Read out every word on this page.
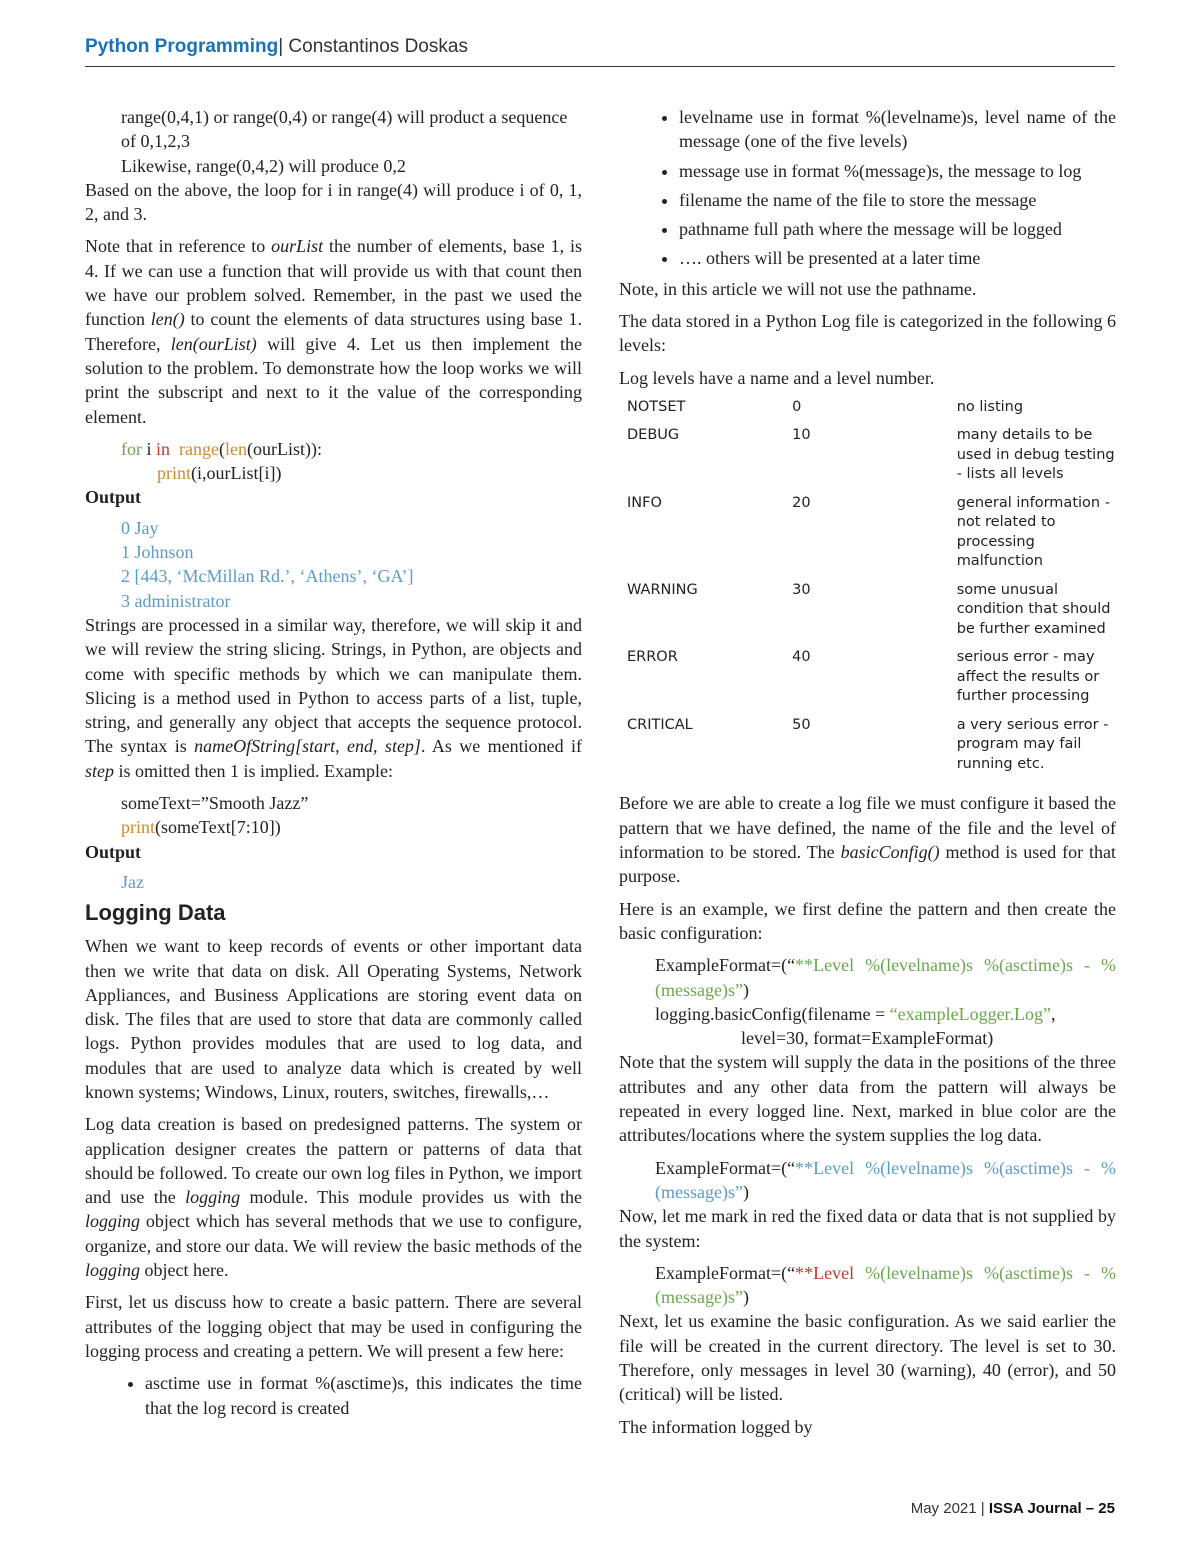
Python Programming| Constantinos Doskas

range(0,4,1) or range(0,4) or range(4) will product a sequence of 0,1,2,3

Likewise, range(0,4,2) will produce 0,2

Based on the above, the loop for i in range(4) will produce i of 0, 1, 2, and 3.

Note that in reference to ourList the number of elements, base 1, is 4. If we can use a function that will provide us with that count then we have our problem solved. Remember, in the past we used the function len() to count the elements of data structures using base 1. Therefore, len(ourList) will give 4. Let us then implement the solution to the problem. To demonstrate how the loop works we will print the subscript and next to it the value of the corresponding element.

for i in range(len(ourList)):

print(i,ourList[i])

Output

0 Jay

1 Johnson

2 [443, ‘McMillan Rd.’, ‘Athens’, ‘GA’]

3 administrator

Strings are processed in a similar way, therefore, we will skip it and we will review the string slicing. Strings, in Python, are objects and come with specific methods by which we can manipulate them. Slicing is a method used in Python to access parts of a list, tuple, string, and generally any object that accepts the sequence protocol. The syntax is nameOfString[start, end, step]. As we mentioned if step is omitted then 1 is implied. Example:

someText=”Smooth Jazz”

print(someText[7:10])

Output

Jaz

Logging Data

When we want to keep records of events or other important data then we write that data on disk. All Operating Systems, Network Appliances, and Business Applications are storing event data on disk. The files that are used to store that data are commonly called logs. Python provides modules that are used to log data, and modules that are used to analyze data which is created by well known systems; Windows, Linux, routers, switches, firewalls,…

Log data creation is based on predesigned patterns. The system or application designer creates the pattern or patterns of data that should be followed. To create our own log files in Python, we import and use the logging module. This module provides us with the logging object which has several methods that we use to configure, organize, and store our data. We will review the basic methods of the logging object here.

First, let us discuss how to create a basic pattern. There are several attributes of the logging object that may be used in configuring the logging process and creating a pettern. We will present a few here:

• asctime use in format %(asctime)s, this indicates the time that the log record is created
• levelname use in format %(levelname)s, level name of the message (one of the five levels)
• message use in format %(message)s, the message to log
• filename the name of the file to store the message
• pathname full path where the message will be logged
• …. others will be presented at a later time

Note, in this article we will not use the pathname.

The data stored in a Python Log file is categorized in the following 6 levels:

Log levels have a name and a level number.

NOTSET	0	no listing
DEBUG	10	many details to be used in debug testing - lists all levels
INFO	20	general information - not related to processing malfunction
WARNING	30	some unusual condition that should be further examined
ERROR	40	serious error - may affect the results or further processing
CRITICAL	50	a very serious error - program may fail running etc.

Before we are able to create a log file we must configure it based the pattern that we have defined, the name of the file and the level of information to be stored. The basicConfig() method is used for that purpose.

Here is an example, we first define the pattern and then create the basic configuration:

ExampleFormat=(“**Level %(levelname)s %(asctime)s - %(message)s”)

logging.basicConfig(filename = “exampleLogger.Log”,

level=30, format=ExampleFormat)

Note that the system will supply the data in the positions of the three attributes and any other data from the pattern will always be repeated in every logged line. Next, marked in blue color are the attributes/locations where the system supplies the log data.

ExampleFormat=(“**Level %(levelname)s %(asctime)s - %(message)s”)

Now, let me mark in red the fixed data or data that is not supplied by the system:

ExampleFormat=(“**Level %(levelname)s %(asctime)s - %(message)s”)

Next, let us examine the basic configuration. As we said earlier the file will be created in the current directory. The level is set to 30. Therefore, only messages in level 30 (warning), 40 (error), and 50 (critical) will be listed.

The information logged by

May 2021 | ISSA Journal – 25
